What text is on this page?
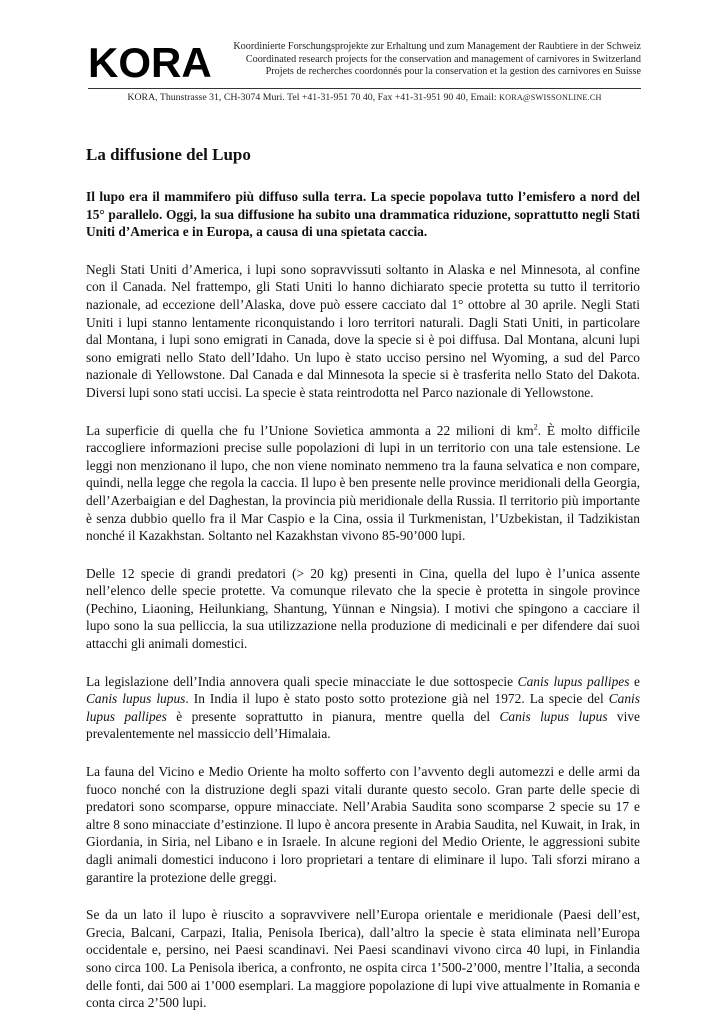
KORA Koordinierte Forschungsprojekte zur Erhaltung und zum Management der Raubtiere in der Schweiz
Coordinated research projects for the conservation and management of carnivores in Switzerland
Projets de recherches coordonnés pour la conservation et la gestion des carnivores en Suisse
KORA, Thunstrasse 31, CH-3074 Muri. Tel +41-31-951 70 40, Fax +41-31-951 90 40, Email: KORA@SWISSONLINE.CH
La diffusione del Lupo

Il lupo era il mammifero più diffuso sulla terra. La specie popolava tutto l’emisfero a nord del 15° parallelo. Oggi, la sua diffusione ha subito una drammatica riduzione, soprattutto negli Stati Uniti d’America e in Europa, a causa di una spietata caccia.

Negli Stati Uniti d’America, i lupi sono sopravvissuti soltanto in Alaska e nel Minnesota, al confine con il Canada. Nel frattempo, gli Stati Uniti lo hanno dichiarato specie protetta su tutto il territorio nazionale, ad eccezione dell’Alaska, dove può essere cacciato dal 1° ottobre al 30 aprile. Negli Stati Uniti i lupi stanno lentamente riconquistando i loro territori naturali. Dagli Stati Uniti, in particolare dal Montana, i lupi sono emigrati in Canada, dove la specie si è poi diffusa. Dal Montana, alcuni lupi sono emigrati nello Stato dell’Idaho. Un lupo è stato ucciso persino nel Wyoming, a sud del Parco nazionale di Yellowstone. Dal Canada e dal Minnesota la specie si è trasferita nello Stato del Dakota. Diversi lupi sono stati uccisi. La specie è stata reintrodotta nel Parco nazionale di Yellowstone.

La superficie di quella che fu l’Unione Sovietica ammonta a 22 milioni di $km^2$. È molto difficile raccogliere informazioni precise sulle popolazioni di lupi in un territorio con una tale estensione. Le leggi non menzionano il lupo, che non viene nominato nemmeno tra la fauna selvatica e non compare, quindi, nella legge che regola la caccia. Il lupo è ben presente nelle province meridionali della Georgia, dell’Azerbaigian e del Daghestan, la provincia più meridionale della Russia. Il territorio più importante è senza dubbio quello fra il Mar Caspio e la Cina, ossia il Turkmenistan, l’Uzbekistan, il Tadzikistan nonché il Kazakhstan. Soltanto nel Kazakhstan vivono 85-90’000 lupi.

Delle 12 specie di grandi predatori (> 20 kg) presenti in Cina, quella del lupo è l’unica assente nell’elenco delle specie protette. Va comunque rilevato che la specie è protetta in singole province (Pechino, Liaoning, Heilunkiang, Shantung, Yünnan e Ningsia). I motivi che spingono a cacciare il lupo sono la sua pelliccia, la sua utilizzazione nella produzione di medicinali e per difendere dai suoi attacchi gli animali domestici.

La legislazione dell’India annovera quali specie minacciate le due sottospecie Canis lupus pallipes e Canis lupus lupus. In India il lupo è stato posto sotto protezione già nel 1972. La specie del Canis lupus pallipes è presente soprattutto in pianura, mentre quella del Canis lupus lupus vive prevalentemente nel massiccio dell’Himalaia.

La fauna del Vicino e Medio Oriente ha molto sofferto con l’avvento degli automezzi e delle armi da fuoco nonché con la distruzione degli spazi vitali durante questo secolo. Gran parte delle specie di predatori sono scomparse, oppure minacciate. Nell’Arabia Saudita sono scomparse 2 specie su 17 e altre 8 sono minacciate d’estinzione. Il lupo è ancora presente in Arabia Saudita, nel Kuwait, in Irak, in Giordania, in Siria, nel Libano e in Israele. In alcune regioni del Medio Oriente, le aggressioni subite dagli animali domestici inducono i loro proprietari a tentare di eliminare il lupo. Tali sforzi mirano a garantire la protezione delle greggi.

Se da un lato il lupo è riuscito a sopravvivere nell’Europa orientale e meridionale (Paesi dell’est, Grecia, Balcani, Carpazi, Italia, Penisola Iberica), dall’altro la specie è stata eliminata nell’Europa occidentale e, persino, nei Paesi scandinavi. Nei Paesi scandinavi vivono circa 40 lupi, in Finlandia sono circa 100. La Penisola iberica, a confronto, ne ospita circa 1’500-2’000, mentre l’Italia, a seconda delle fonti, dai 500 ai 1’000 esemplari. La maggiore popolazione di lupi vive attualmente in Romania e conta circa 2’500 lupi.
